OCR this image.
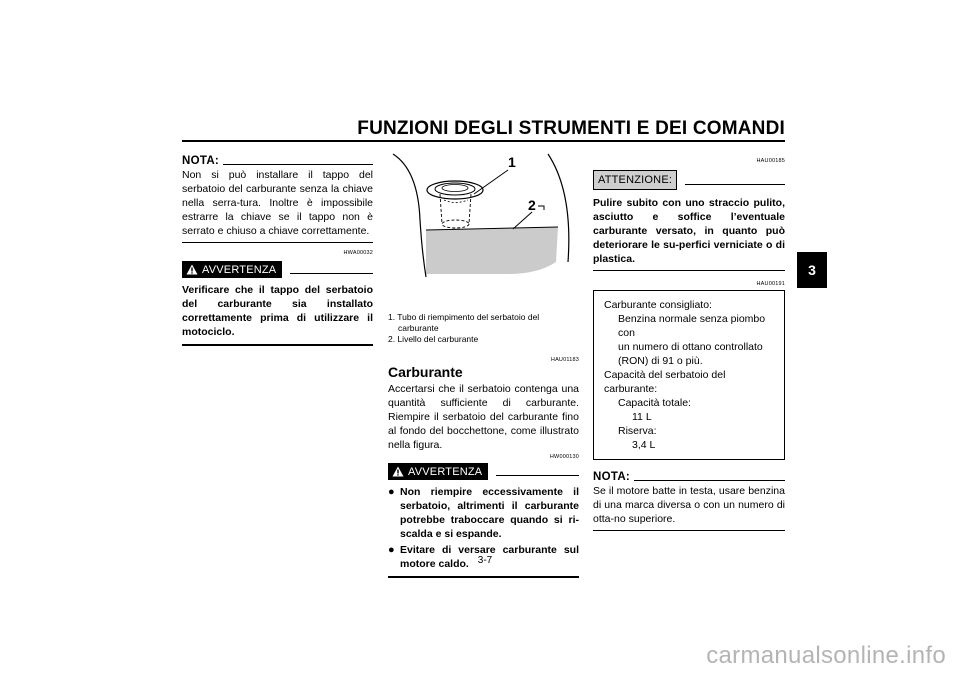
FUNZIONI DEGLI STRUMENTI E DEI COMANDI
3
NOTA:
Non si può installare il tappo del serbatoio del carburante senza la chiave nella serra-tura. Inoltre è impossibile estrarre la chiave se il tappo non è serrato e chiuso a chiave correttamente.
HWA00032
AVVERTENZA
Verificare che il tappo del serbatoio del carburante sia installato correttamente prima di utilizzare il motociclo.
1
2
1. Tubo di riempimento del serbatoio del
carburante
2. Livello del carburante
HAU01183
Carburante
Accertarsi che il serbatoio contenga una quantità sufficiente di carburante. Riempire il serbatoio del carburante fino al fondo del bocchettone, come illustrato nella figura.
HW000130
AVVERTENZA
● Non riempire eccessivamente il serbatoio, altrimenti il carburante potrebbe traboccare quando si ri-scalda e si espande.
● Evitare di versare carburante sul motore caldo.
HAU00185
ATTENZIONE:
Pulire subito con uno straccio pulito, asciutto e soffice l’eventuale carburante versato, in quanto può deteriorare le su-perfici verniciate o di plastica.
HAU00191
Carburante consigliato:
Benzina normale senza piombo con
un numero di ottano controllato
(RON) di 91 o più.
Capacità del serbatoio del carburante:
Capacità totale:
11 L
Riserva:
3,4 L
NOTA:
Se il motore batte in testa, usare benzina di una marca diversa o con un numero di otta-no superiore.
3-7
carmanualsonline.info
